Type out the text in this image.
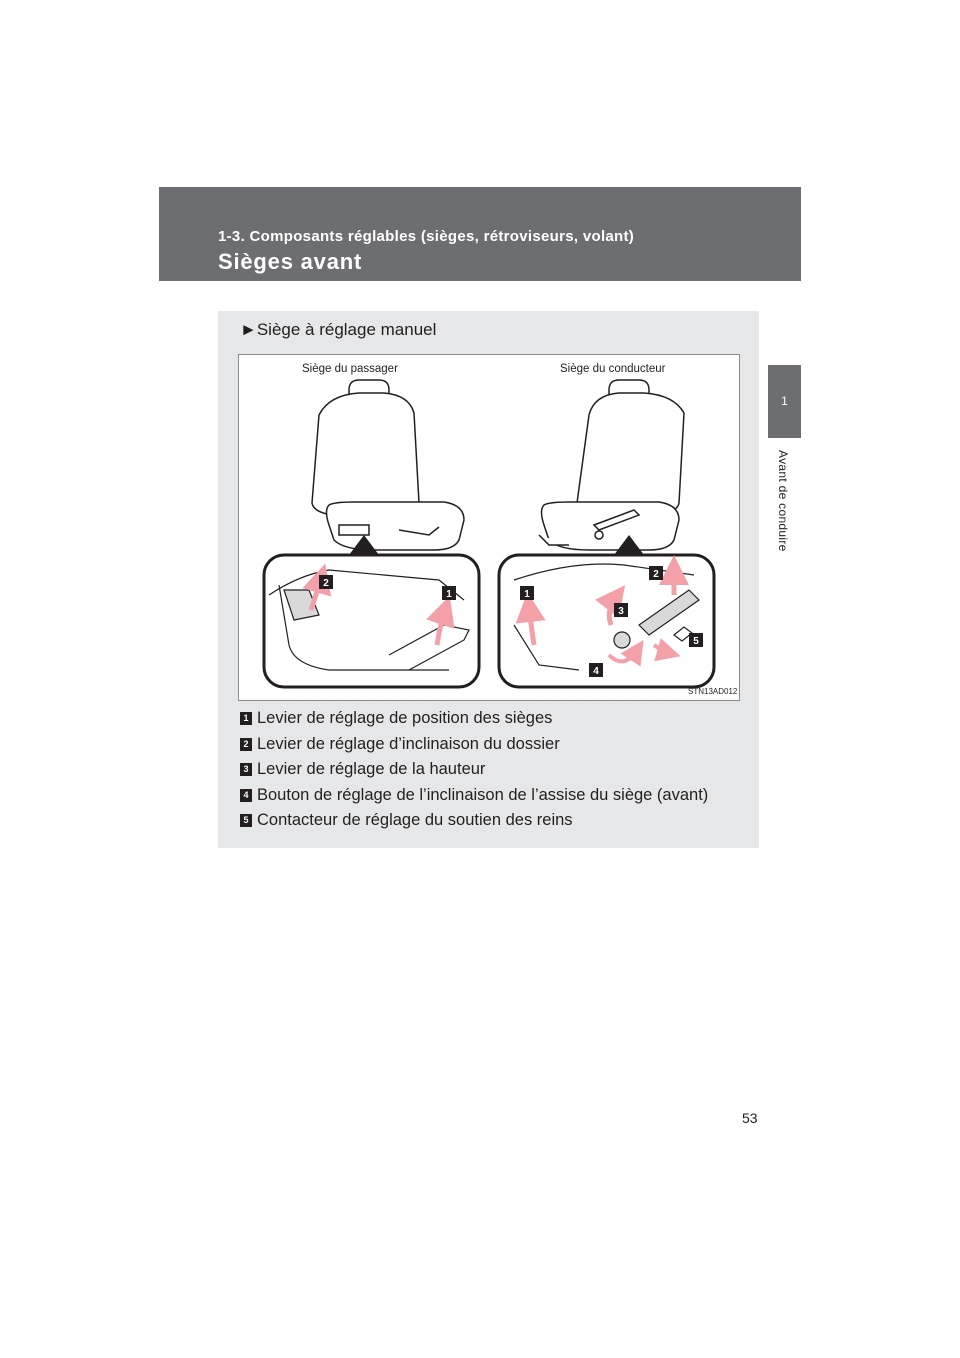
1-3. Composants réglables (sièges, rétroviseurs, volant)
Sièges avant
1
Avant de conduire
►Siège à réglage manuel
2
1	1
2
3
4
5
Siège du passager	Siège du conducteur
STN13AD012
1 Levier de réglage de position des sièges
2 Levier de réglage d’inclinaison du dossier
3 Levier de réglage de la hauteur
4 Bouton de réglage de l’inclinaison de l’assise du siège (avant)
5 Contacteur de réglage du soutien des reins
53
